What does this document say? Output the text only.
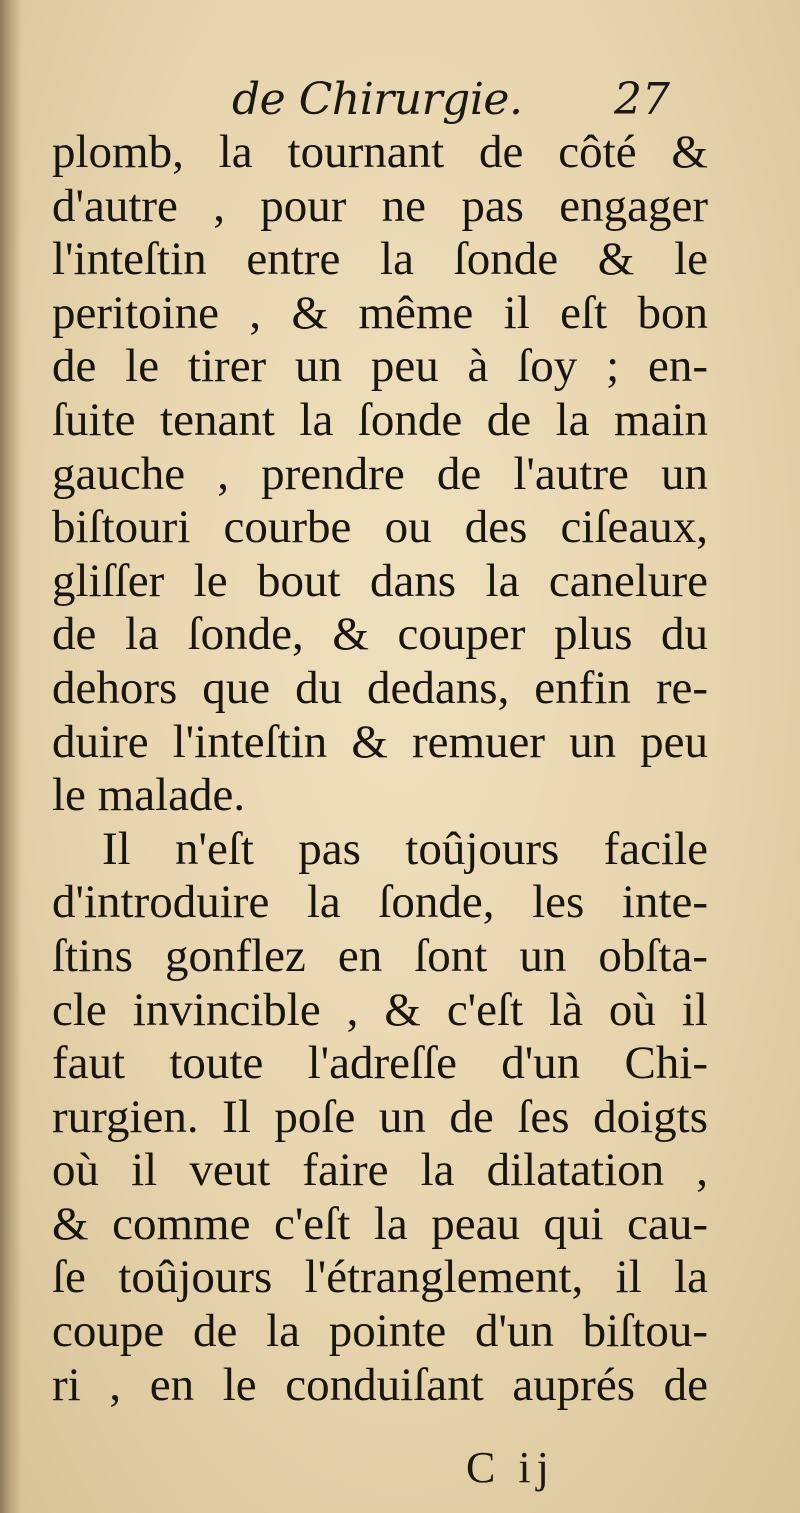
de Chirurgie. 27
plomb, la tournant de côté &
d'autre , pour ne pas engager
l'inteſtin entre la ſonde & le
peritoine , & même il eſt bon
de le tirer un peu à ſoy ; en-
ſuite tenant la ſonde de la main
gauche , prendre de l'autre un
biſtouri courbe ou des ciſeaux,
gliſſer le bout dans la canelure
de la ſonde, & couper plus du
dehors que du dedans, enfin re-
duire l'inteſtin & remuer un peu
le malade.
Il n'eſt pas toûjours facile
d'introduire la ſonde, les inte-
ſtins gonflez en ſont un obſta-
cle invincible , & c'eſt là où il
faut toute l'adreſſe d'un Chi-
rurgien. Il poſe un de ſes doigts
où il veut faire la dilatation ,
& comme c'eſt la peau qui cau-
ſe toûjours l'étranglement, il la
coupe de la pointe d'un biſtou-
ri , en le conduiſant auprés de
C ij
